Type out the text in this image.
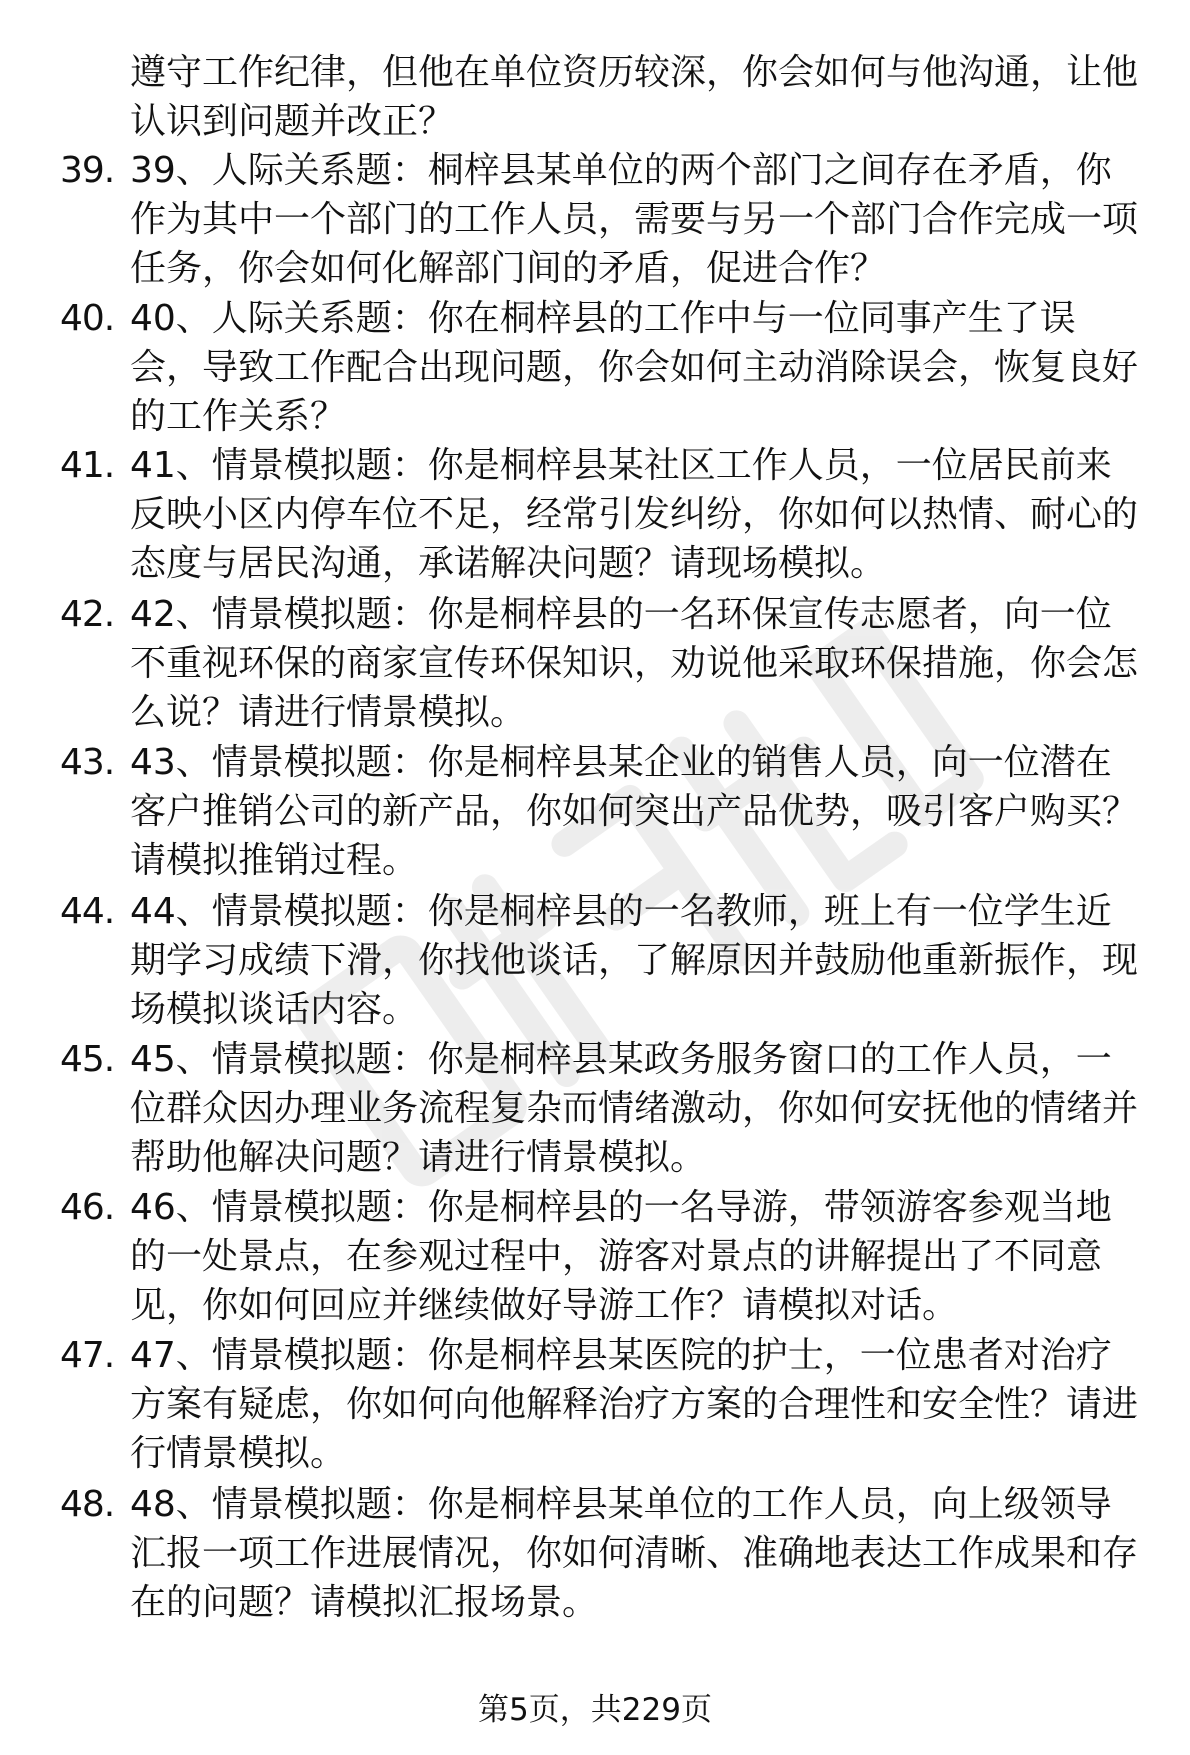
遵守工作纪律，但他在单位资历较深，你会如何与他沟通，让他认识到问题并改正？

39. 39、人际关系题：桐梓县某单位的两个部门之间存在矛盾，你作为其中一个部门的工作人员，需要与另一个部门合作完成一项任务，你会如何化解部门间的矛盾，促进合作？

40. 40、人际关系题：你在桐梓县的工作中与一位同事产生了误会，导致工作配合出现问题，你会如何主动消除误会，恢复良好的工作关系？

41. 41、情景模拟题：你是桐梓县某社区工作人员，一位居民前来反映小区内停车位不足，经常引发纠纷，你如何以热情、耐心的态度与居民沟通，承诺解决问题？请现场模拟。

42. 42、情景模拟题：你是桐梓县的一名环保宣传志愿者，向一位不重视环保的商家宣传环保知识，劝说他采取环保措施，你会怎么说？请进行情景模拟。

43. 43、情景模拟题：你是桐梓县某企业的销售人员，向一位潜在客户推销公司的新产品，你如何突出产品优势，吸引客户购买？请模拟推销过程。

44. 44、情景模拟题：你是桐梓县的一名教师，班上有一位学生近期学习成绩下滑，你找他谈话，了解原因并鼓励他重新振作，现场模拟谈话内容。

45. 45、情景模拟题：你是桐梓县某政务服务窗口的工作人员，一位群众因办理业务流程复杂而情绪激动，你如何安抚他的情绪并帮助他解决问题？请进行情景模拟。

46. 46、情景模拟题：你是桐梓县的一名导游，带领游客参观当地的一处景点，在参观过程中，游客对景点的讲解提出了不同意见，你如何回应并继续做好导游工作？请模拟对话。

47. 47、情景模拟题：你是桐梓县某医院的护士，一位患者对治疗方案有疑虑，你如何向他解释治疗方案的合理性和安全性？请进行情景模拟。

48. 48、情景模拟题：你是桐梓县某单位的工作人员，向上级领导汇报一项工作进展情况，你如何清晰、准确地表达工作成果和存在的问题？请模拟汇报场景。

第5页，共229页
